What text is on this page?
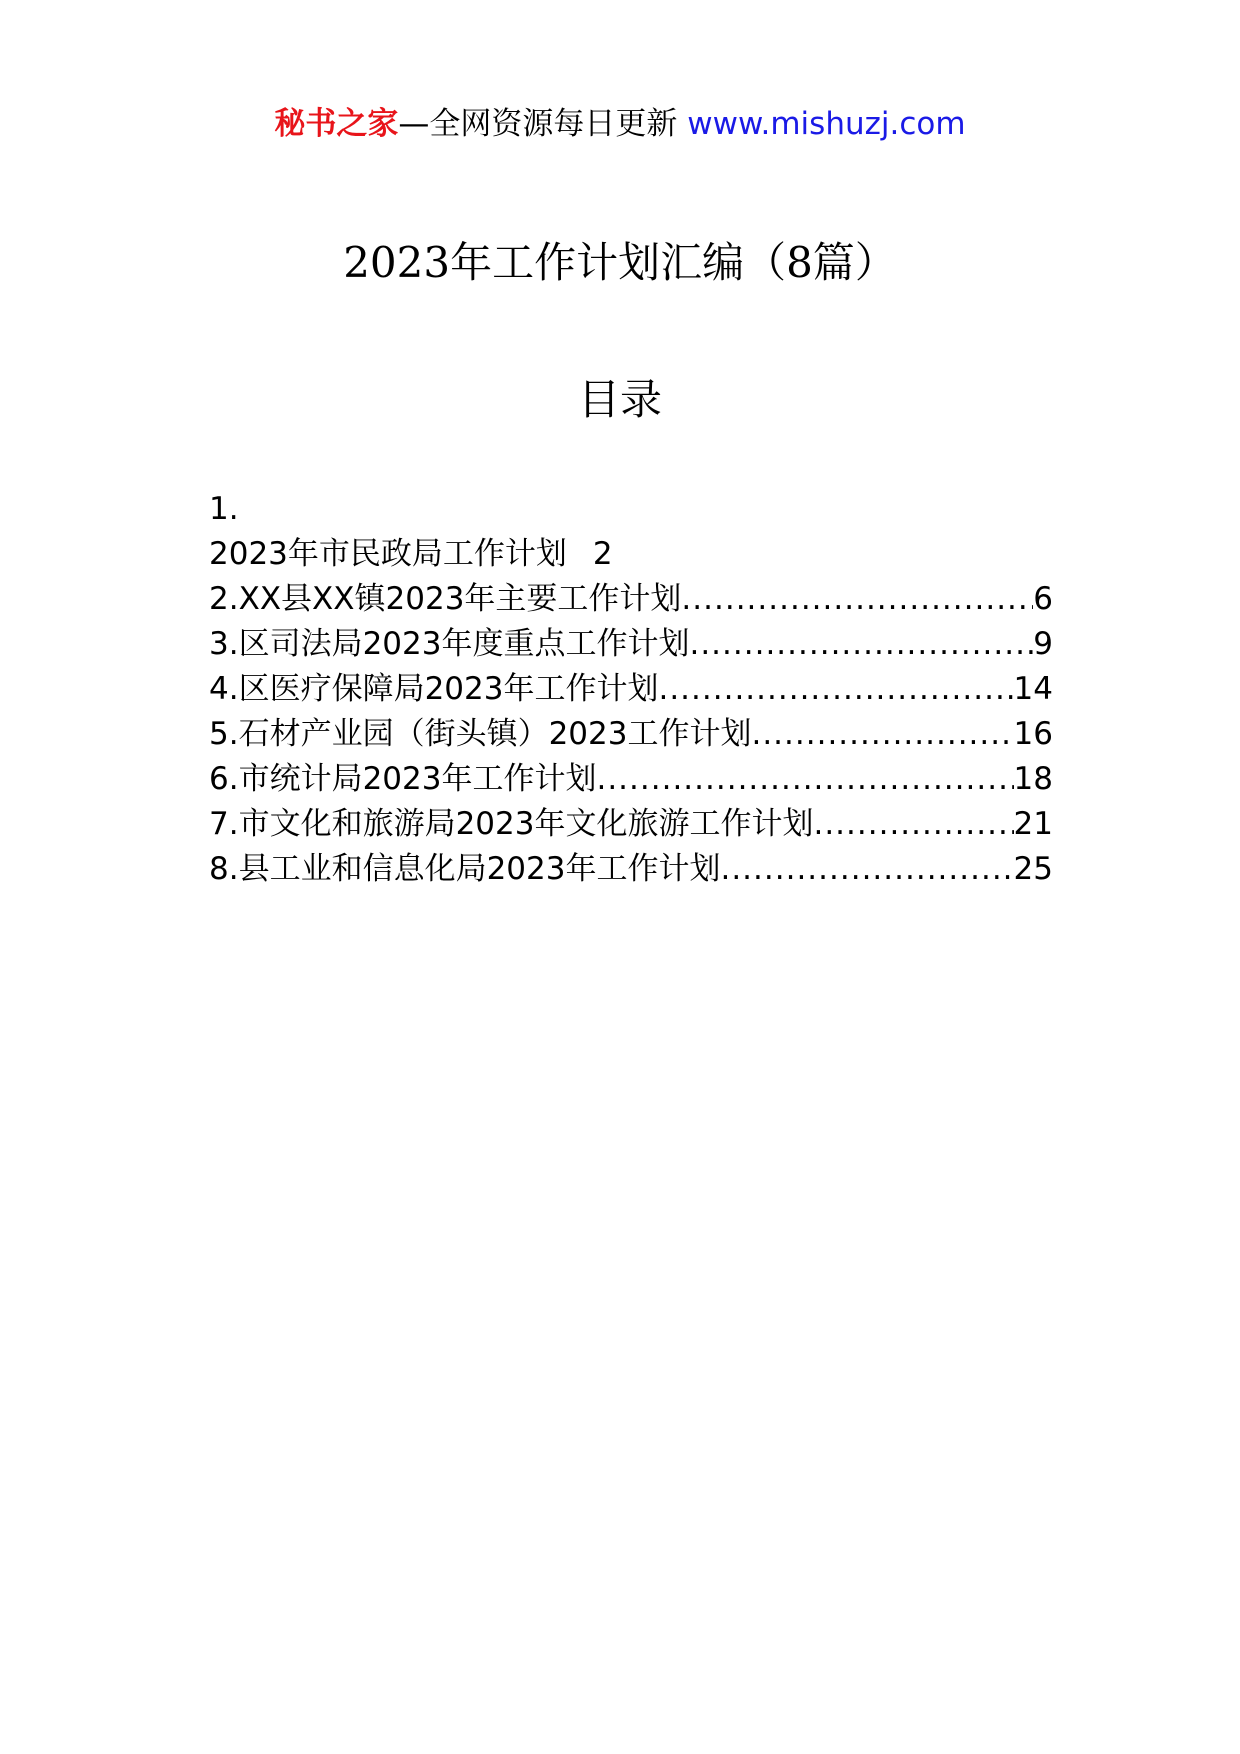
秘书之家—全网资源每日更新 www.mishuzj.com
2023年工作计划汇编（8篇）
目录
1.
2023年市民政局工作计划 2
2.XX县XX镇2023年主要工作计划 .....	6
3.区司法局2023年度重点工作计划 .....	9
4.区医疗保障局2023年工作计划 .....	14
5.石材产业园（街头镇）2023工作计划 .....	16
6.市统计局2023年工作计划 .....	18
7.市文化和旅游局2023年文化旅游工作计划 .....	21
8.县工业和信息化局2023年工作计划 .....	25
